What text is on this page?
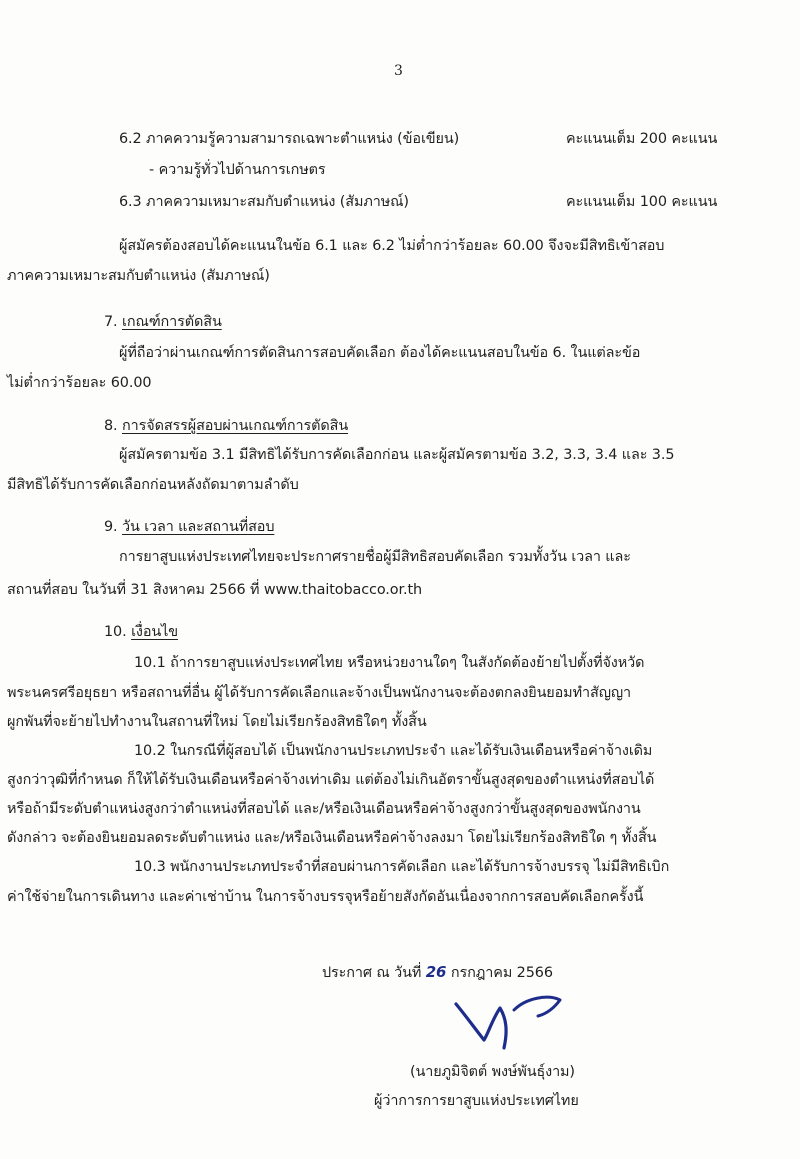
3
6.2 ภาคความรู้ความสามารถเฉพาะตำแหน่ง (ข้อเขียน)	คะแนนเต็ม 200 คะแนน
- ความรู้ทั่วไปด้านการเกษตร
6.3 ภาคความเหมาะสมกับตำแหน่ง (สัมภาษณ์)	คะแนนเต็ม 100 คะแนน
ผู้สมัครต้องสอบได้คะแนนในข้อ 6.1 และ 6.2 ไม่ต่ำกว่าร้อยละ 60.00 จึงจะมีสิทธิเข้าสอบ
ภาคความเหมาะสมกับตำแหน่ง (สัมภาษณ์)
7. เกณฑ์การตัดสิน
ผู้ที่ถือว่าผ่านเกณฑ์การตัดสินการสอบคัดเลือก ต้องได้คะแนนสอบในข้อ 6. ในแต่ละข้อ
ไม่ต่ำกว่าร้อยละ 60.00
8. การจัดสรรผู้สอบผ่านเกณฑ์การตัดสิน
ผู้สมัครตามข้อ 3.1 มีสิทธิได้รับการคัดเลือกก่อน และผู้สมัครตามข้อ 3.2, 3.3, 3.4 และ 3.5
มีสิทธิได้รับการคัดเลือกก่อนหลังถัดมาตามลำดับ
9. วัน เวลา และสถานที่สอบ
การยาสูบแห่งประเทศไทยจะประกาศรายชื่อผู้มีสิทธิสอบคัดเลือก รวมทั้งวัน เวลา และ
สถานที่สอบ ในวันที่ 31 สิงหาคม 2566 ที่ www.thaitobacco.or.th
10. เงื่อนไข
10.1 ถ้าการยาสูบแห่งประเทศไทย หรือหน่วยงานใดๆ ในสังกัดต้องย้ายไปตั้งที่จังหวัด
พระนครศรีอยุธยา หรือสถานที่อื่น ผู้ได้รับการคัดเลือกและจ้างเป็นพนักงานจะต้องตกลงยินยอมทำสัญญา
ผูกพันที่จะย้ายไปทำงานในสถานที่ใหม่ โดยไม่เรียกร้องสิทธิใดๆ ทั้งสิ้น
10.2 ในกรณีที่ผู้สอบได้ เป็นพนักงานประเภทประจำ และได้รับเงินเดือนหรือค่าจ้างเดิม
สูงกว่าวุฒิที่กำหนด ก็ให้ได้รับเงินเดือนหรือค่าจ้างเท่าเดิม แต่ต้องไม่เกินอัตราขั้นสูงสุดของตำแหน่งที่สอบได้
หรือถ้ามีระดับตำแหน่งสูงกว่าตำแหน่งที่สอบได้ และ/หรือเงินเดือนหรือค่าจ้างสูงกว่าขั้นสูงสุดของพนักงาน
ดังกล่าว จะต้องยินยอมลดระดับตำแหน่ง และ/หรือเงินเดือนหรือค่าจ้างลงมา โดยไม่เรียกร้องสิทธิใด ๆ ทั้งสิ้น
10.3 พนักงานประเภทประจำที่สอบผ่านการคัดเลือก และได้รับการจ้างบรรจุ ไม่มีสิทธิเบิก
ค่าใช้จ่ายในการเดินทาง และค่าเช่าบ้าน ในการจ้างบรรจุหรือย้ายสังกัดอันเนื่องจากการสอบคัดเลือกครั้งนี้
ประกาศ ณ วันที่ 26 กรกฎาคม 2566
(นายภูมิจิตต์ พงษ์พันธุ์งาม)
ผู้ว่าการการยาสูบแห่งประเทศไทย
